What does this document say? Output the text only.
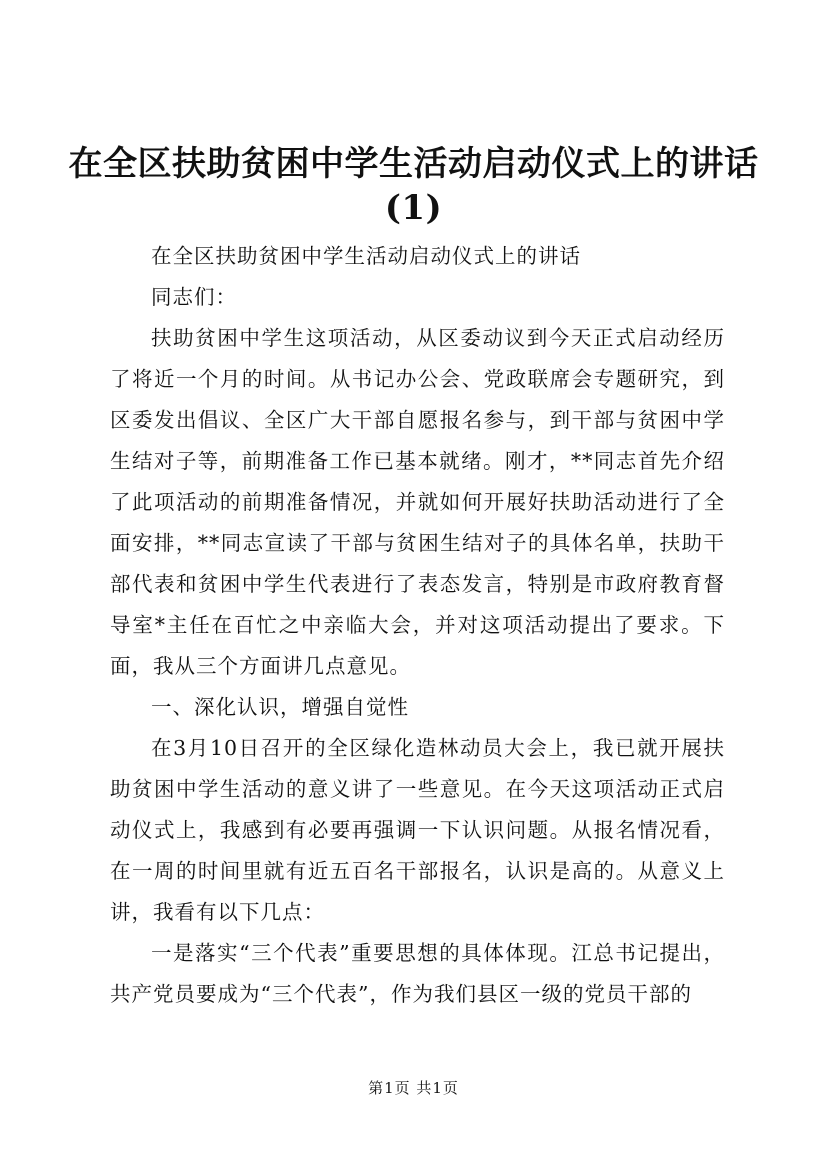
在全区扶助贫困中学生活动启动仪式上的讲话
(1)

在全区扶助贫困中学生活动启动仪式上的讲话

同志们：

扶助贫困中学生这项活动，从区委动议到今天正式启动经历了将近一个月的时间。从书记办公会、党政联席会专题研究，到区委发出倡议、全区广大干部自愿报名参与，到干部与贫困中学生结对子等，前期准备工作已基本就绪。刚才，**同志首先介绍了此项活动的前期准备情况，并就如何开展好扶助活动进行了全面安排，**同志宣读了干部与贫困生结对子的具体名单，扶助干部代表和贫困中学生代表进行了表态发言，特别是市政府教育督导室*主任在百忙之中亲临大会，并对这项活动提出了要求。下面，我从三个方面讲几点意见。

一、深化认识，增强自觉性

在3月10日召开的全区绿化造林动员大会上，我已就开展扶助贫困中学生活动的意义讲了一些意见。在今天这项活动正式启动仪式上，我感到有必要再强调一下认识问题。从报名情况看，在一周的时间里就有近五百名干部报名，认识是高的。从意义上讲，我看有以下几点：

一是落实“三个代表”重要思想的具体体现。江总书记提出，共产党员要成为“三个代表”，作为我们县区一级的党员干部的

第1页 共1页
